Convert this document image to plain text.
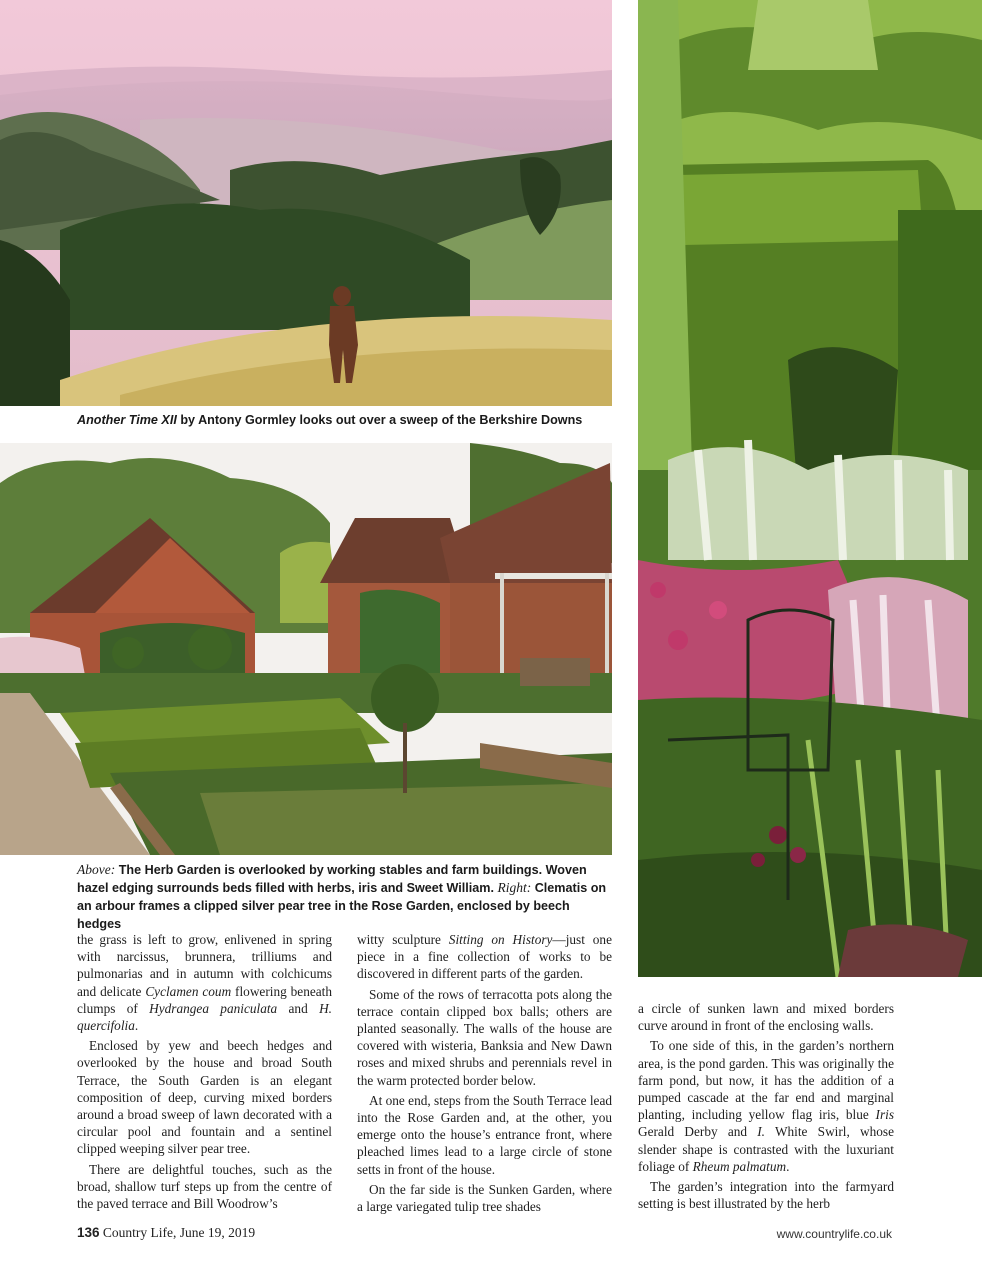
Another Time XII by Antony Gormley looks out over a sweep of the Berkshire Downs
Above: The Herb Garden is overlooked by working stables and farm buildings. Woven hazel edging surrounds beds filled with herbs, iris and Sweet William. Right: Clematis on an arbour frames a clipped silver pear tree in the Rose Garden, enclosed by beech hedges

the grass is left to grow, enlivened in spring with narcissus, brunnera, trilliums and pulmonarias and in autumn with colchicums and delicate Cyclamen coum flowering beneath clumps of Hydrangea paniculata and H. quercifolia.

Enclosed by yew and beech hedges and overlooked by the house and broad South Terrace, the South Garden is an elegant composition of deep, curving mixed borders around a broad sweep of lawn decorated with a circular pool and fountain and a sentinel clipped weeping silver pear tree.

There are delightful touches, such as the broad, shallow turf steps up from the centre of the paved terrace and Bill Woodrow’s

witty sculpture Sitting on History—just one piece in a fine collection of works to be discovered in different parts of the garden.

Some of the rows of terracotta pots along the terrace contain clipped box balls; others are planted seasonally. The walls of the house are covered with wisteria, Banksia and New Dawn roses and mixed shrubs and perennials revel in the warm protected border below.

At one end, steps from the South Terrace lead into the Rose Garden and, at the other, you emerge onto the house’s entrance front, where pleached limes lead to a large circle of stone setts in front of the house.

On the far side is the Sunken Garden, where a large variegated tulip tree shades

a circle of sunken lawn and mixed borders curve around in front of the enclosing walls.

To one side of this, in the garden’s northern area, is the pond garden. This was originally the farm pond, but now, it has the addition of a pumped cascade at the far end and marginal planting, including yellow flag iris, blue Iris Gerald Derby and I. White Swirl, whose slender shape is contrasted with the luxuriant foliage of Rheum palmatum.

The garden’s integration into the farmyard setting is best illustrated by the herb

136 Country Life, June 19, 2019	www.countrylife.co.uk
